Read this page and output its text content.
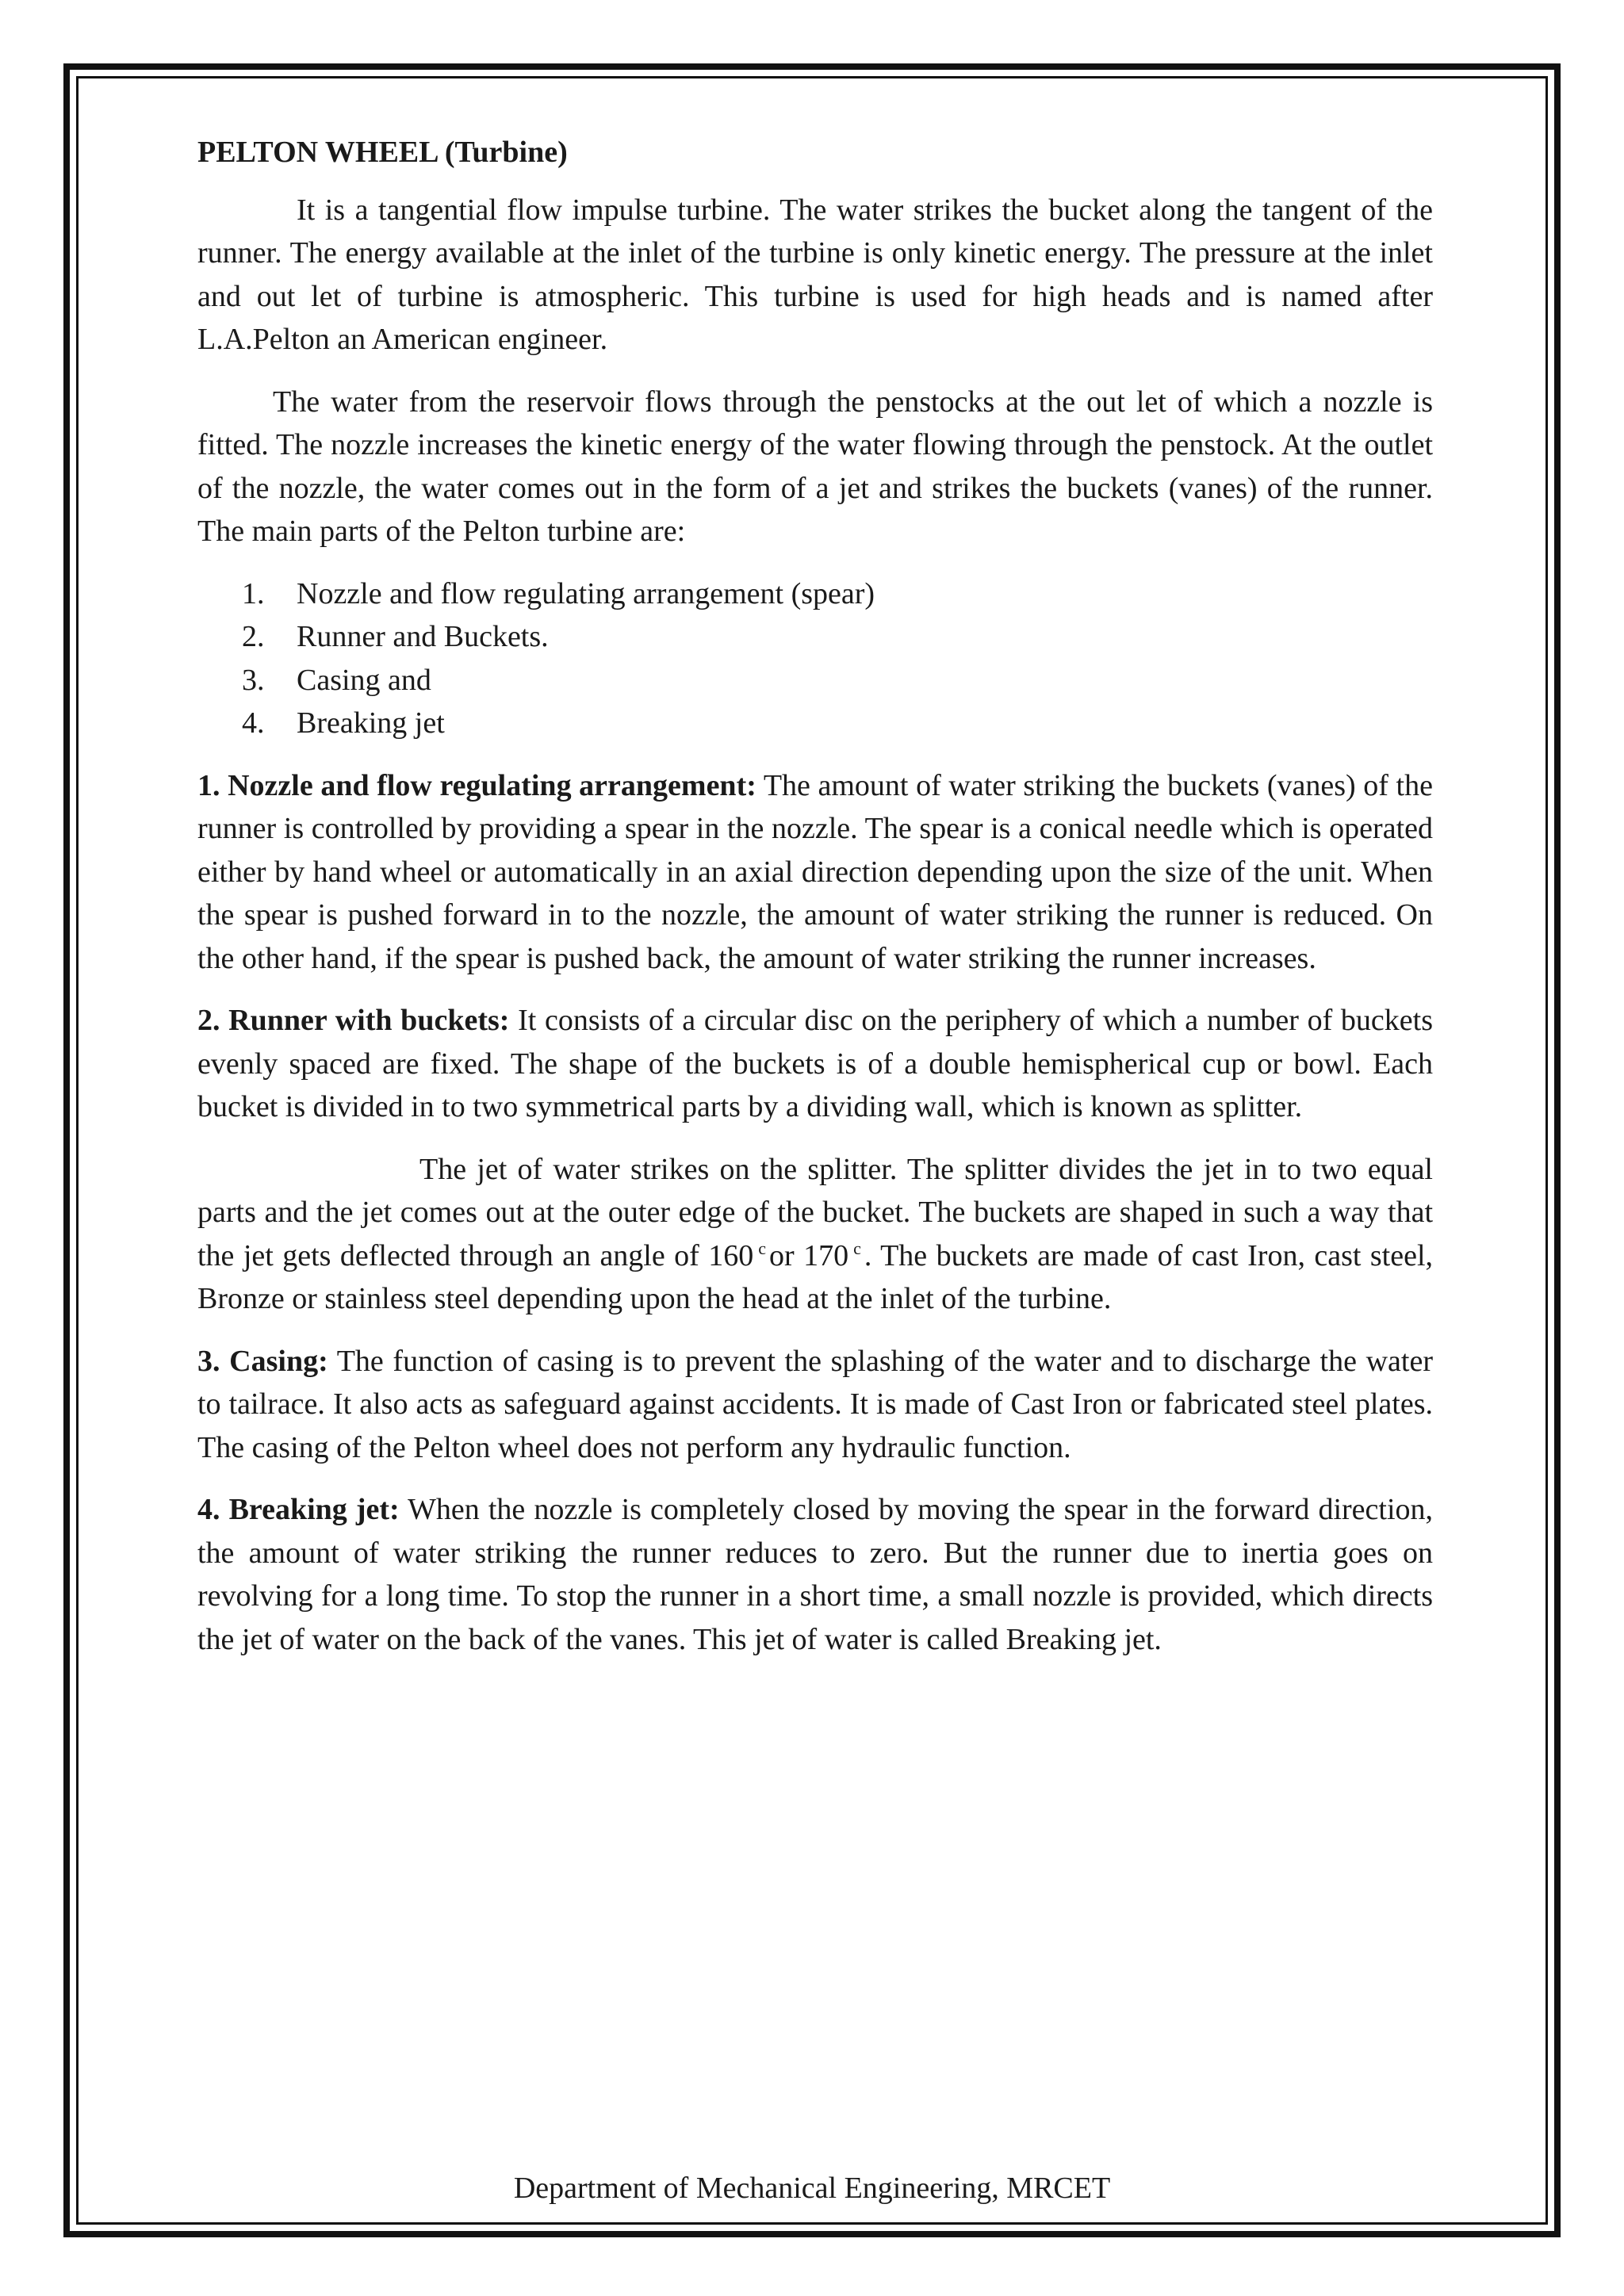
PELTON WHEEL (Turbine)

It is a tangential flow impulse turbine. The water strikes the bucket along the tangent of the runner. The energy available at the inlet of the turbine is only kinetic energy. The pressure at the inlet and out let of turbine is atmospheric. This turbine is used for high heads and is named after L.A.Pelton an American engineer.

The water from the reservoir flows through the penstocks at the out let of which a nozzle is fitted. The nozzle increases the kinetic energy of the water flowing through the penstock. At the outlet of the nozzle, the water comes out in the form of a jet and strikes the buckets (vanes) of the runner. The main parts of the Pelton turbine are:

1.	Nozzle and flow regulating arrangement (spear)
2.	Runner and Buckets.
3.	Casing and
4.	Breaking jet

1. Nozzle and flow regulating arrangement: The amount of water striking the buckets (vanes) of the runner is controlled by providing a spear in the nozzle. The spear is a conical needle which is operated either by hand wheel or automatically in an axial direction depending upon the size of the unit. When the spear is pushed forward in to the nozzle, the amount of water striking the runner is reduced. On the other hand, if the spear is pushed back, the amount of water striking the runner increases.

2. Runner with buckets: It consists of a circular disc on the periphery of which a number of buckets evenly spaced are fixed. The shape of the buckets is of a double hemispherical cup or bowl. Each bucket is divided in to two symmetrical parts by a dividing wall, which is known as splitter.

The jet of water strikes on the splitter. The splitter divides the jet in to two equal parts and the jet comes out at the outer edge of the bucket. The buckets are shaped in such a way that the jet gets deflected through an angle of 160 $^c$ or 170 $^c$ . The buckets are made of cast Iron, cast steel, Bronze or stainless steel depending upon the head at the inlet of the turbine.

3. Casing: The function of casing is to prevent the splashing of the water and to discharge the water to tailrace. It also acts as safeguard against accidents. It is made of Cast Iron or fabricated steel plates. The casing of the Pelton wheel does not perform any hydraulic function.

4. Breaking jet: When the nozzle is completely closed by moving the spear in the forward direction, the amount of water striking the runner reduces to zero. But the runner due to inertia goes on revolving for a long time. To stop the runner in a short time, a small nozzle is provided, which directs the jet of water on the back of the vanes. This jet of water is called Breaking jet.

Department of Mechanical Engineering, MRCET
